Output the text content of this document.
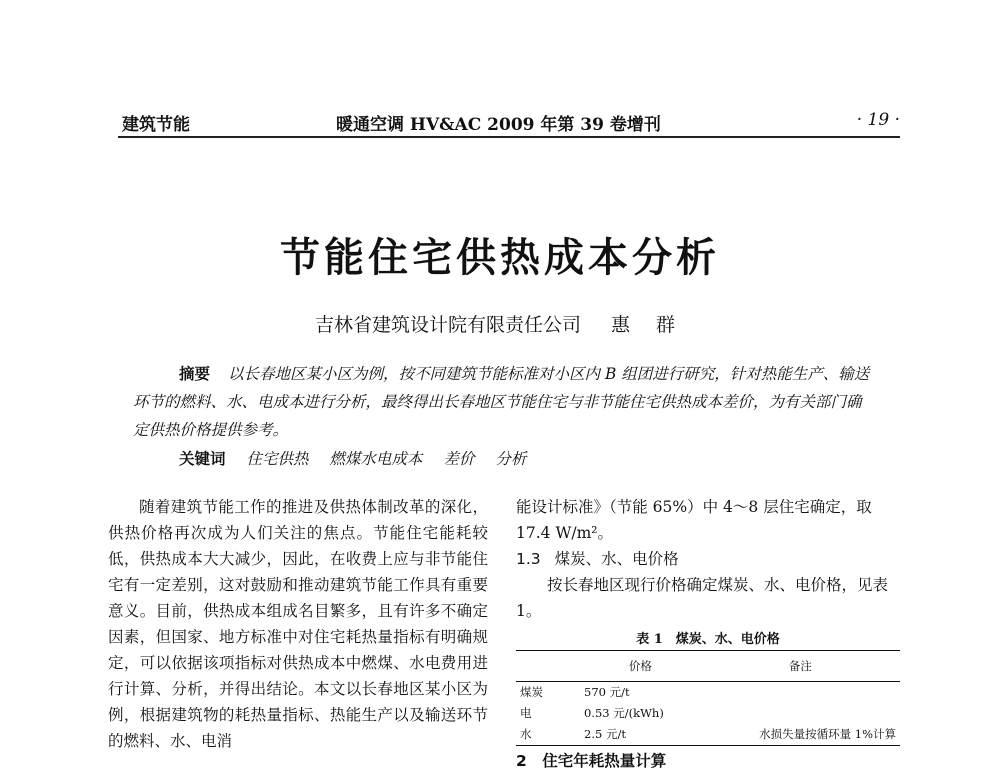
建筑节能	暖通空调 HV&AC 2009 年第 39 卷增刊	· 19 ·
节能住宅供热成本分析
吉林省建筑设计院有限责任公司 惠 群
摘要 以长春地区某小区为例，按不同建筑节能标准对小区内 B 组团进行研究，针对热能生产、输送环节的燃料、水、电成本进行分析，最终得出长春地区节能住宅与非节能住宅供热成本差价，为有关部门确定供热价格提供参考。
关键词 住宅供热 燃煤水电成本 差价 分析

随着建筑节能工作的推进及供热体制改革的深化，供热价格再次成为人们关注的焦点。节能住宅能耗较低，供热成本大大减少，因此，在收费上应与非节能住宅有一定差别，这对鼓励和推动建筑节能工作具有重要意义。目前，供热成本组成名目繁多，且有许多不确定因素，但国家、地方标准中对住宅耗热量指标有明确规定，可以依据该项指标对供热成本中燃煤、水电费用进行计算、分析，并得出结论。本文以长春地区某小区为例，根据建筑物的耗热量指标、热能生产以及输送环节的燃料、水、电消

能设计标准》（节能 65%）中 4～8 层住宅确定，取 17.4 W/m²。

1.3 煤炭、水、电价格

按长春地区现行价格确定煤炭、水、电价格，见表 1。

表 1　煤炭、水、电价格
	价格	备注
煤炭	570 元/t	
电	0.53 元/(kWh)	
水	2.5 元/t	水损失量按循环量 1%计算
2　住宅年耗热量计算
